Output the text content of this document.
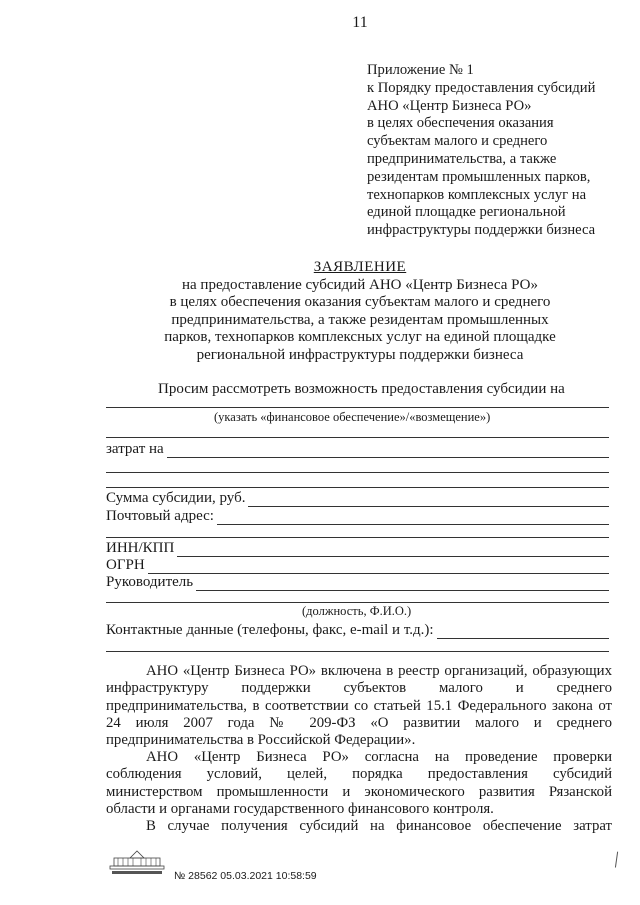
11
Приложение № 1
к Порядку предоставления субсидий
АНО «Центр Бизнеса РО»
в целях обеспечения оказания
субъектам малого и среднего
предпринимательства, а также
резидентам промышленных парков,
технопарков комплексных услуг на
единой площадке региональной
инфраструктуры поддержки бизнеса
ЗАЯВЛЕНИЕ
на предоставление субсидий АНО «Центр Бизнеса РО»
в целях обеспечения оказания субъектам малого и среднего
предпринимательства, а также резидентам промышленных
парков, технопарков комплексных услуг на единой площадке
региональной инфраструктуры поддержки бизнеса
Просим рассмотреть возможность предоставления субсидии на
(указать «финансовое обеспечение»/«возмещение»)
затрат на
Сумма субсидии, руб.
Почтовый адрес:
ИНН/КПП
ОГРН
Руководитель
(должность, Ф.И.О.)
Контактные данные (телефоны, факс, e-mail и т.д.):
АНО «Центр Бизнеса РО» включена в реестр организаций, образующих
инфраструктуру поддержки субъектов малого и среднего
предпринимательства, в соответствии со статьей 15.1 Федерального закона от
24 июля 2007 года № 209-ФЗ «О развитии малого и среднего
предпринимательства в Российской Федерации».
АНО «Центр Бизнеса РО» согласна на проведение проверки
соблюдения условий, целей, порядка предоставления субсидий
министерством промышленности и экономического развития Рязанской
области и органами государственного финансового контроля.
В случае получения субсидий на финансовое обеспечение затрат
№ 28562 05.03.2021 10:58:59
